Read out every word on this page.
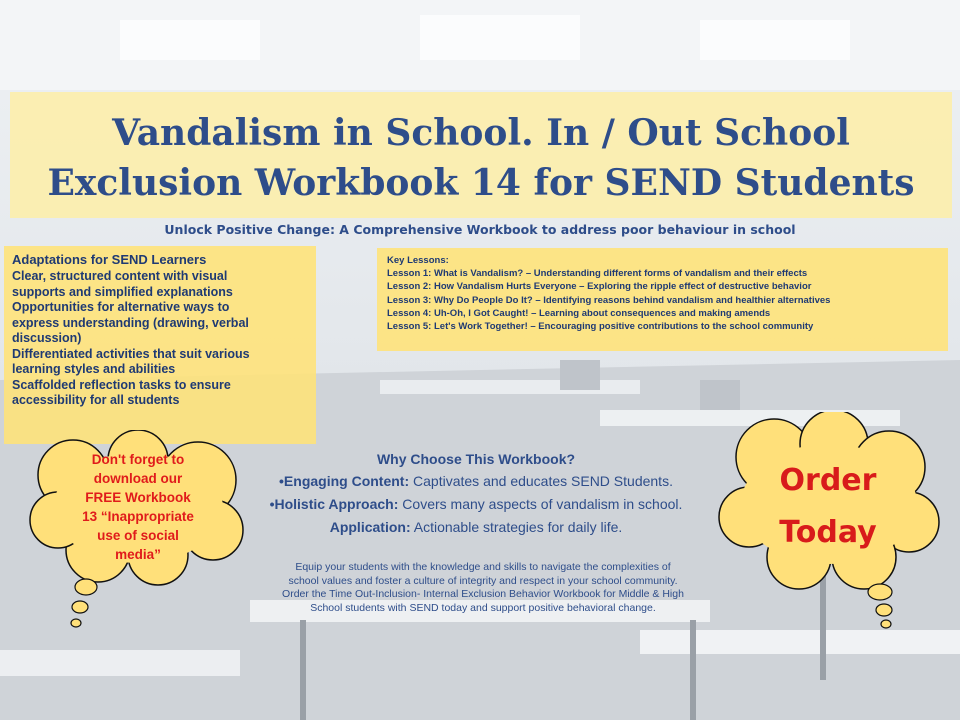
Vandalism in School. In / Out School
Exclusion Workbook 14 for SEND Students
Unlock Positive Change: A Comprehensive Workbook to address poor behaviour in school
Adaptations for SEND Learners
Clear, structured content with visual
supports and simplified explanations
Opportunities for alternative ways to
express understanding (drawing, verbal
discussion)
Differentiated activities that suit various
learning styles and abilities
Scaffolded reflection tasks to ensure
accessibility for all students
Key Lessons:
Lesson 1: What is Vandalism? – Understanding different forms of vandalism and their effects
Lesson 2: How Vandalism Hurts Everyone – Exploring the ripple effect of destructive behavior
Lesson 3: Why Do People Do It? – Identifying reasons behind vandalism and healthier alternatives
Lesson 4: Uh-Oh, I Got Caught! – Learning about consequences and making amends
Lesson 5: Let's Work Together! – Encouraging positive contributions to the school community
Don't forget to
download our
FREE Workbook
13 “Inappropriate
use of social
media”
Order
Today
Why Choose This Workbook?
•Engaging Content: Captivates and educates SEND Students.
•Holistic Approach: Covers many aspects of vandalism in school.
Application: Actionable strategies for daily life.
Equip your students with the knowledge and skills to navigate the complexities of
school values and foster a culture of integrity and respect in your school community.
Order the Time Out-Inclusion- Internal Exclusion Behavior Workbook for Middle & High
School students with SEND today and support positive behavioral change.
